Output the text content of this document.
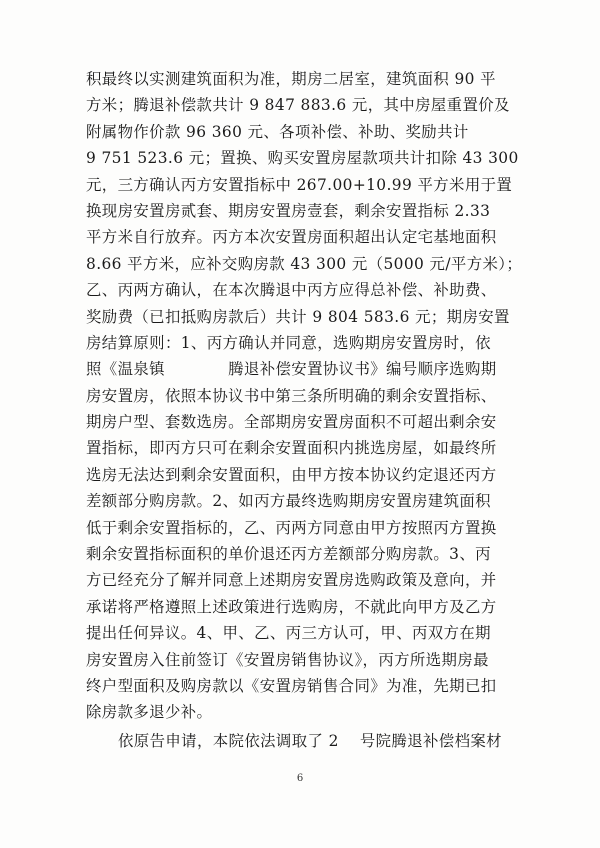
积最终以实测建筑面积为准，期房二居室，建筑面积 90 平
方米；腾退补偿款共计 9 847 883.6 元，其中房屋重置价及
附属物作价款 96 360 元、各项补偿、补助、奖励共计
9 751 523.6 元；置换、购买安置房屋款项共计扣除 43 300
元，三方确认丙方安置指标中 267.00+10.99 平方米用于置
换现房安置房贰套、期房安置房壹套，剩余安置指标 2.33
平方米自行放弃。丙方本次安置房面积超出认定宅基地面积
8.66 平方米，应补交购房款 43 300 元（5000 元/平方米）；
乙、丙两方确认，在本次腾退中丙方应得总补偿、补助费、
奖励费（已扣抵购房款后）共计 9 804 583.6 元；期房安置
房结算原则：1、丙方确认并同意，选购期房安置房时，依
照《温泉镇　　　　腾退补偿安置协议书》编号顺序选购期
房安置房，依照本协议书中第三条所明确的剩余安置指标、
期房户型、套数选房。全部期房安置房面积不可超出剩余安
置指标，即丙方只可在剩余安置面积内挑选房屋，如最终所
选房无法达到剩余安置面积，由甲方按本协议约定退还丙方
差额部分购房款。2、如丙方最终选购期房安置房建筑面积
低于剩余安置指标的，乙、丙两方同意由甲方按照丙方置换
剩余安置指标面积的单价退还丙方差额部分购房款。3、丙
方已经充分了解并同意上述期房安置房选购政策及意向，并
承诺将严格遵照上述政策进行选购房，不就此向甲方及乙方
提出任何异议。4、甲、乙、丙三方认可，甲、丙双方在期
房安置房入住前签订《安置房销售协议》，丙方所选期房最
终户型面积及购房款以《安置房销售合同》为准，先期已扣
除房款多退少补。
依原告申请，本院依法调取了 2　 号院腾退补偿档案材
6
